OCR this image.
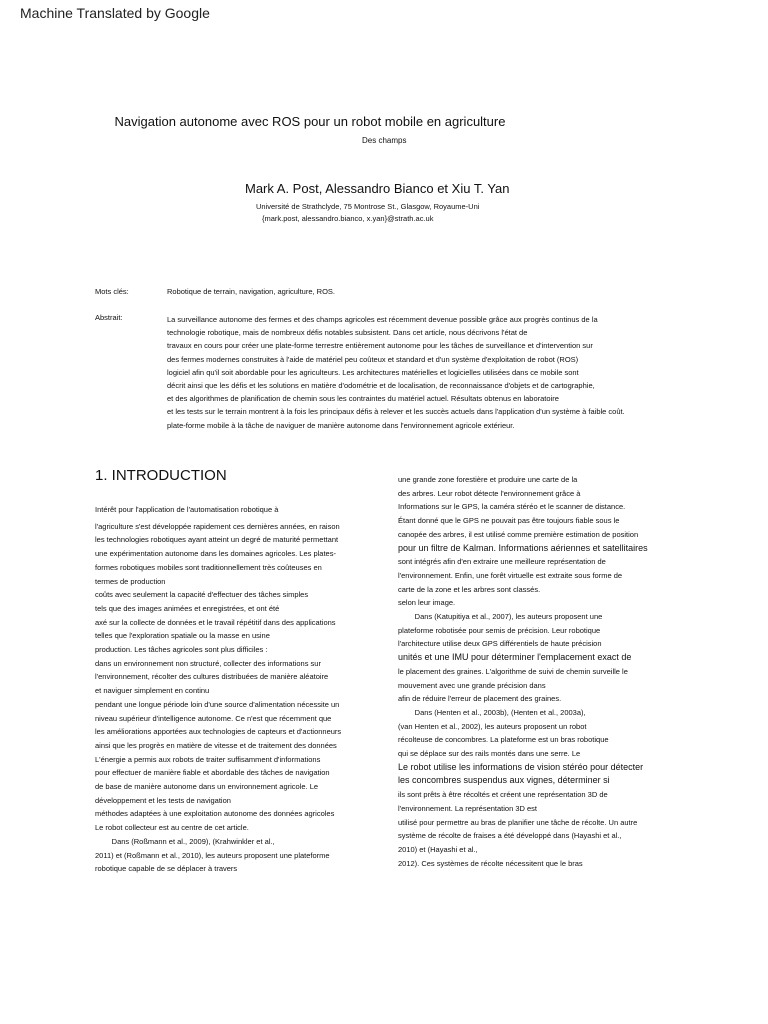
Machine Translated by Google
Navigation autonome avec ROS pour un robot mobile en agriculture
Des champs
Mark A. Post, Alessandro Bianco et Xiu T. Yan
Université de Strathclyde, 75 Montrose St., Glasgow, Royaume-Uni
{mark.post, alessandro.bianco, x.yan}@strath.ac.uk
Mots clés:	Robotique de terrain, navigation, agriculture, ROS.
Abstrait:	La surveillance autonome des fermes et des champs agricoles est récemment devenue possible grâce aux progrès continus de la
technologie robotique, mais de nombreux défis notables subsistent. Dans cet article, nous décrivons l'état de
travaux en cours pour créer une plate-forme terrestre entièrement autonome pour les tâches de surveillance et d'intervention sur
des fermes modernes construites à l'aide de matériel peu coûteux et standard et d'un système d'exploitation de robot (ROS)
logiciel afin qu'il soit abordable pour les agriculteurs. Les architectures matérielles et logicielles utilisées dans ce mobile sont
décrit ainsi que les défis et les solutions en matière d'odométrie et de localisation, de reconnaissance d'objets et de cartographie,
et des algorithmes de planification de chemin sous les contraintes du matériel actuel. Résultats obtenus en laboratoire
et les tests sur le terrain montrent à la fois les principaux défis à relever et les succès actuels dans l'application d'un système à faible coût.
plate-forme mobile à la tâche de naviguer de manière autonome dans l'environnement agricole extérieur.
1. INTRODUCTION
Intérêt pour l'application de l'automatisation robotique à
l'agriculture s'est développée rapidement ces dernières années, en raison
les technologies robotiques ayant atteint un degré de maturité permettant
une expérimentation autonome dans les domaines agricoles. Les plates-
formes robotiques mobiles sont traditionnellement très coûteuses en
termes de production
coûts avec seulement la capacité d'effectuer des tâches simples
tels que des images animées et enregistrées, et ont été
axé sur la collecte de données et le travail répétitif dans des applications
telles que l'exploration spatiale ou la masse en usine
production. Les tâches agricoles sont plus difficiles :
dans un environnement non structuré, collecter des informations sur
l'environnement, récolter des cultures distribuées de manière aléatoire
et naviguer simplement en continu
pendant une longue période loin d'une source d'alimentation nécessite un
niveau supérieur d'intelligence autonome. Ce n'est que récemment que
les améliorations apportées aux technologies de capteurs et d'actionneurs
ainsi que les progrès en matière de vitesse et de traitement des données
L'énergie a permis aux robots de traiter suffisamment d'informations
pour effectuer de manière fiable et abordable des tâches de navigation
de base de manière autonome dans un environnement agricole. Le
développement et les tests de navigation
méthodes adaptées à une exploitation autonome des données agricoles
Le robot collecteur est au centre de cet article.
Dans (Roßmann et al., 2009), (Krahwinkler et al.,
2011) et (Roßmann et al., 2010), les auteurs proposent une plateforme
robotique capable de se déplacer à travers
une grande zone forestière et produire une carte de la
des arbres. Leur robot détecte l'environnement grâce à
Informations sur le GPS, la caméra stéréo et le scanner de distance.
Étant donné que le GPS ne pouvait pas être toujours fiable sous le
canopée des arbres, il est utilisé comme première estimation de position
pour un filtre de Kalman. Informations aériennes et satellitaires
sont intégrés afin d'en extraire une meilleure représentation de
l'environnement. Enfin, une forêt virtuelle est extraite sous forme de
carte de la zone et les arbres sont classés.
selon leur image.
Dans (Katupitiya et al., 2007), les auteurs proposent une
plateforme robotisée pour semis de précision. Leur robotique
l'architecture utilise deux GPS différentiels de haute précision
unités et une IMU pour déterminer l'emplacement exact de
le placement des graines. L'algorithme de suivi de chemin surveille le
mouvement avec une grande précision dans
afin de réduire l'erreur de placement des graines.
Dans (Henten et al., 2003b), (Henten et al., 2003a),
(van Henten et al., 2002), les auteurs proposent un robot
récolteuse de concombres. La plateforme est un bras robotique
qui se déplace sur des rails montés dans une serre. Le
Le robot utilise les informations de vision stéréo pour détecter
les concombres suspendus aux vignes, déterminer si
ils sont prêts à être récoltés et créent une représentation 3D de
l'environnement. La représentation 3D est
utilisé pour permettre au bras de planifier une tâche de récolte. Un autre
système de récolte de fraises a été développé dans (Hayashi et al.,
2010) et (Hayashi et al.,
2012). Ces systèmes de récolte nécessitent que le bras
